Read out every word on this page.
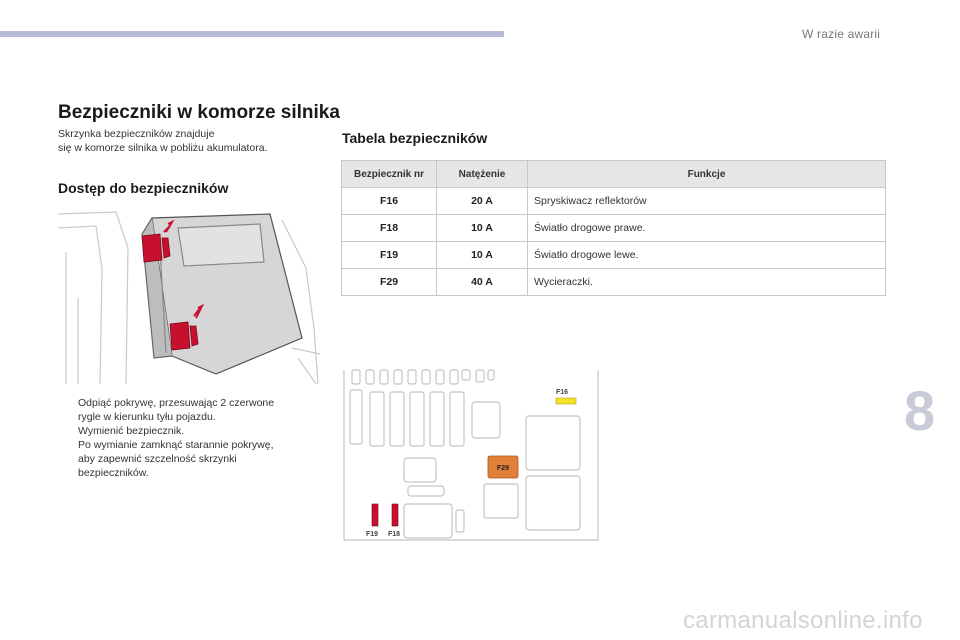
W razie awarii
8
Bezpieczniki w komorze silnika
Skrzynka bezpieczników znajduje
się w komorze silnika w pobliżu akumulatora.
Dostęp do bezpieczników
Odpiąć pokrywę, przesuwając 2 czerwone
rygle w kierunku tyłu pojazdu.
Wymienić bezpiecznik.
Po wymianie zamknąć starannie pokrywę,
aby zapewnić szczelność skrzynki
bezpieczników.
Tabela bezpieczników
Bezpiecznik nr	Natężenie	Funkcje
F16	20 A	Spryskiwacz reflektorów
F18	10 A	Światło drogowe prawe.
F19	10 A	Światło drogowe lewe.
F29	40 A	Wycieraczki.
F16
F29
F19 F18
carmanualsonline.info
